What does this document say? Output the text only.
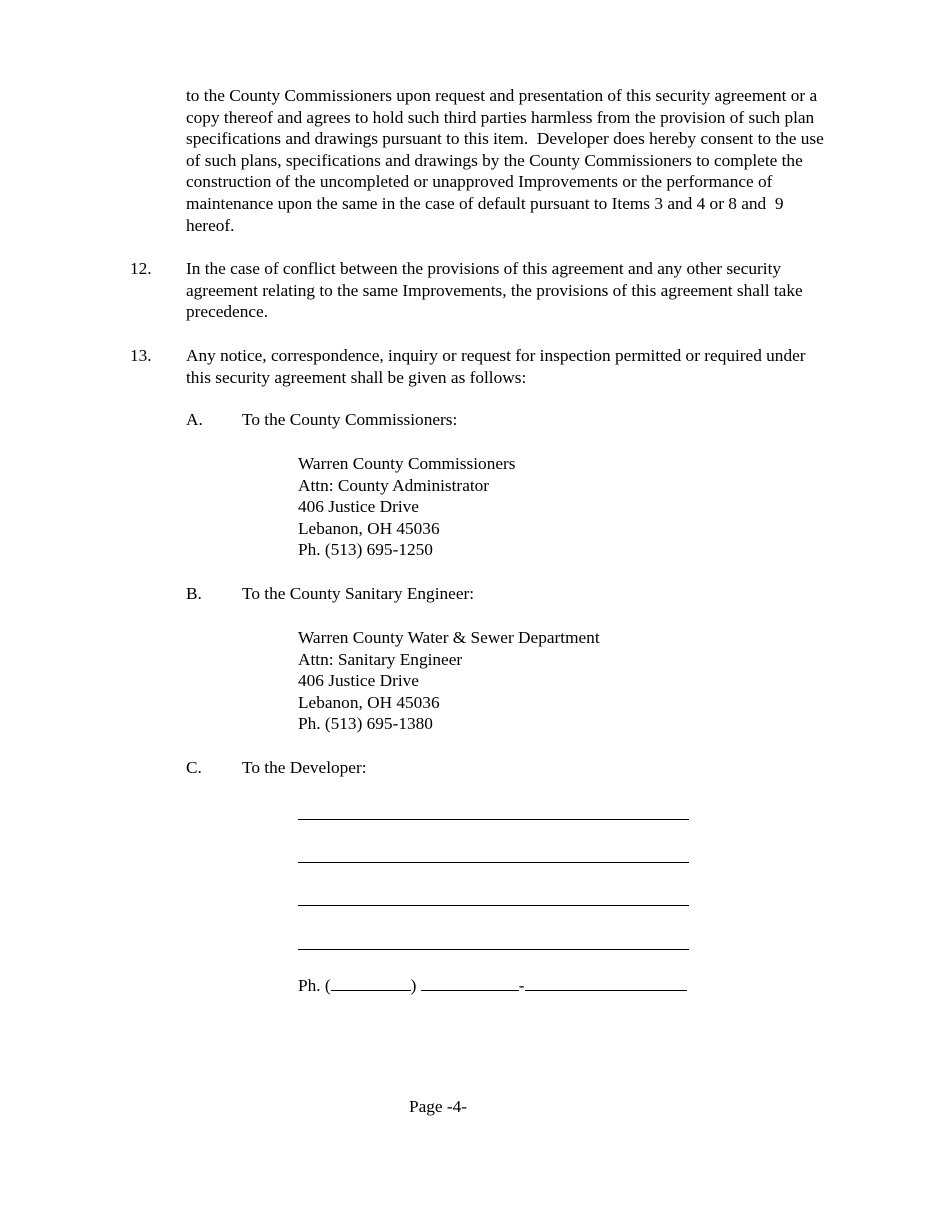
to the County Commissioners upon request and presentation of this security agreement or a
copy thereof and agrees to hold such third parties harmless from the provision of such plan
specifications and drawings pursuant to this item.  Developer does hereby consent to the use
of such plans, specifications and drawings by the County Commissioners to complete the
construction of the uncompleted or unapproved Improvements or the performance of
maintenance upon the same in the case of default pursuant to Items 3 and 4 or 8 and  9
hereof.
12. In the case of conflict between the provisions of this agreement and any other security
agreement relating to the same Improvements, the provisions of this agreement shall take
precedence.
13. Any notice, correspondence, inquiry or request for inspection permitted or required under
this security agreement shall be given as follows:
A. To the County Commissioners:
Warren County Commissioners
Attn: County Administrator
406 Justice Drive
Lebanon, OH 45036
Ph. (513) 695-1250
B. To the County Sanitary Engineer:
Warren County Water & Sewer Department
Attn: Sanitary Engineer
406 Justice Drive
Lebanon, OH 45036
Ph. (513) 695-1380
C. To the Developer:
Ph. (	)	-
Page -4-
